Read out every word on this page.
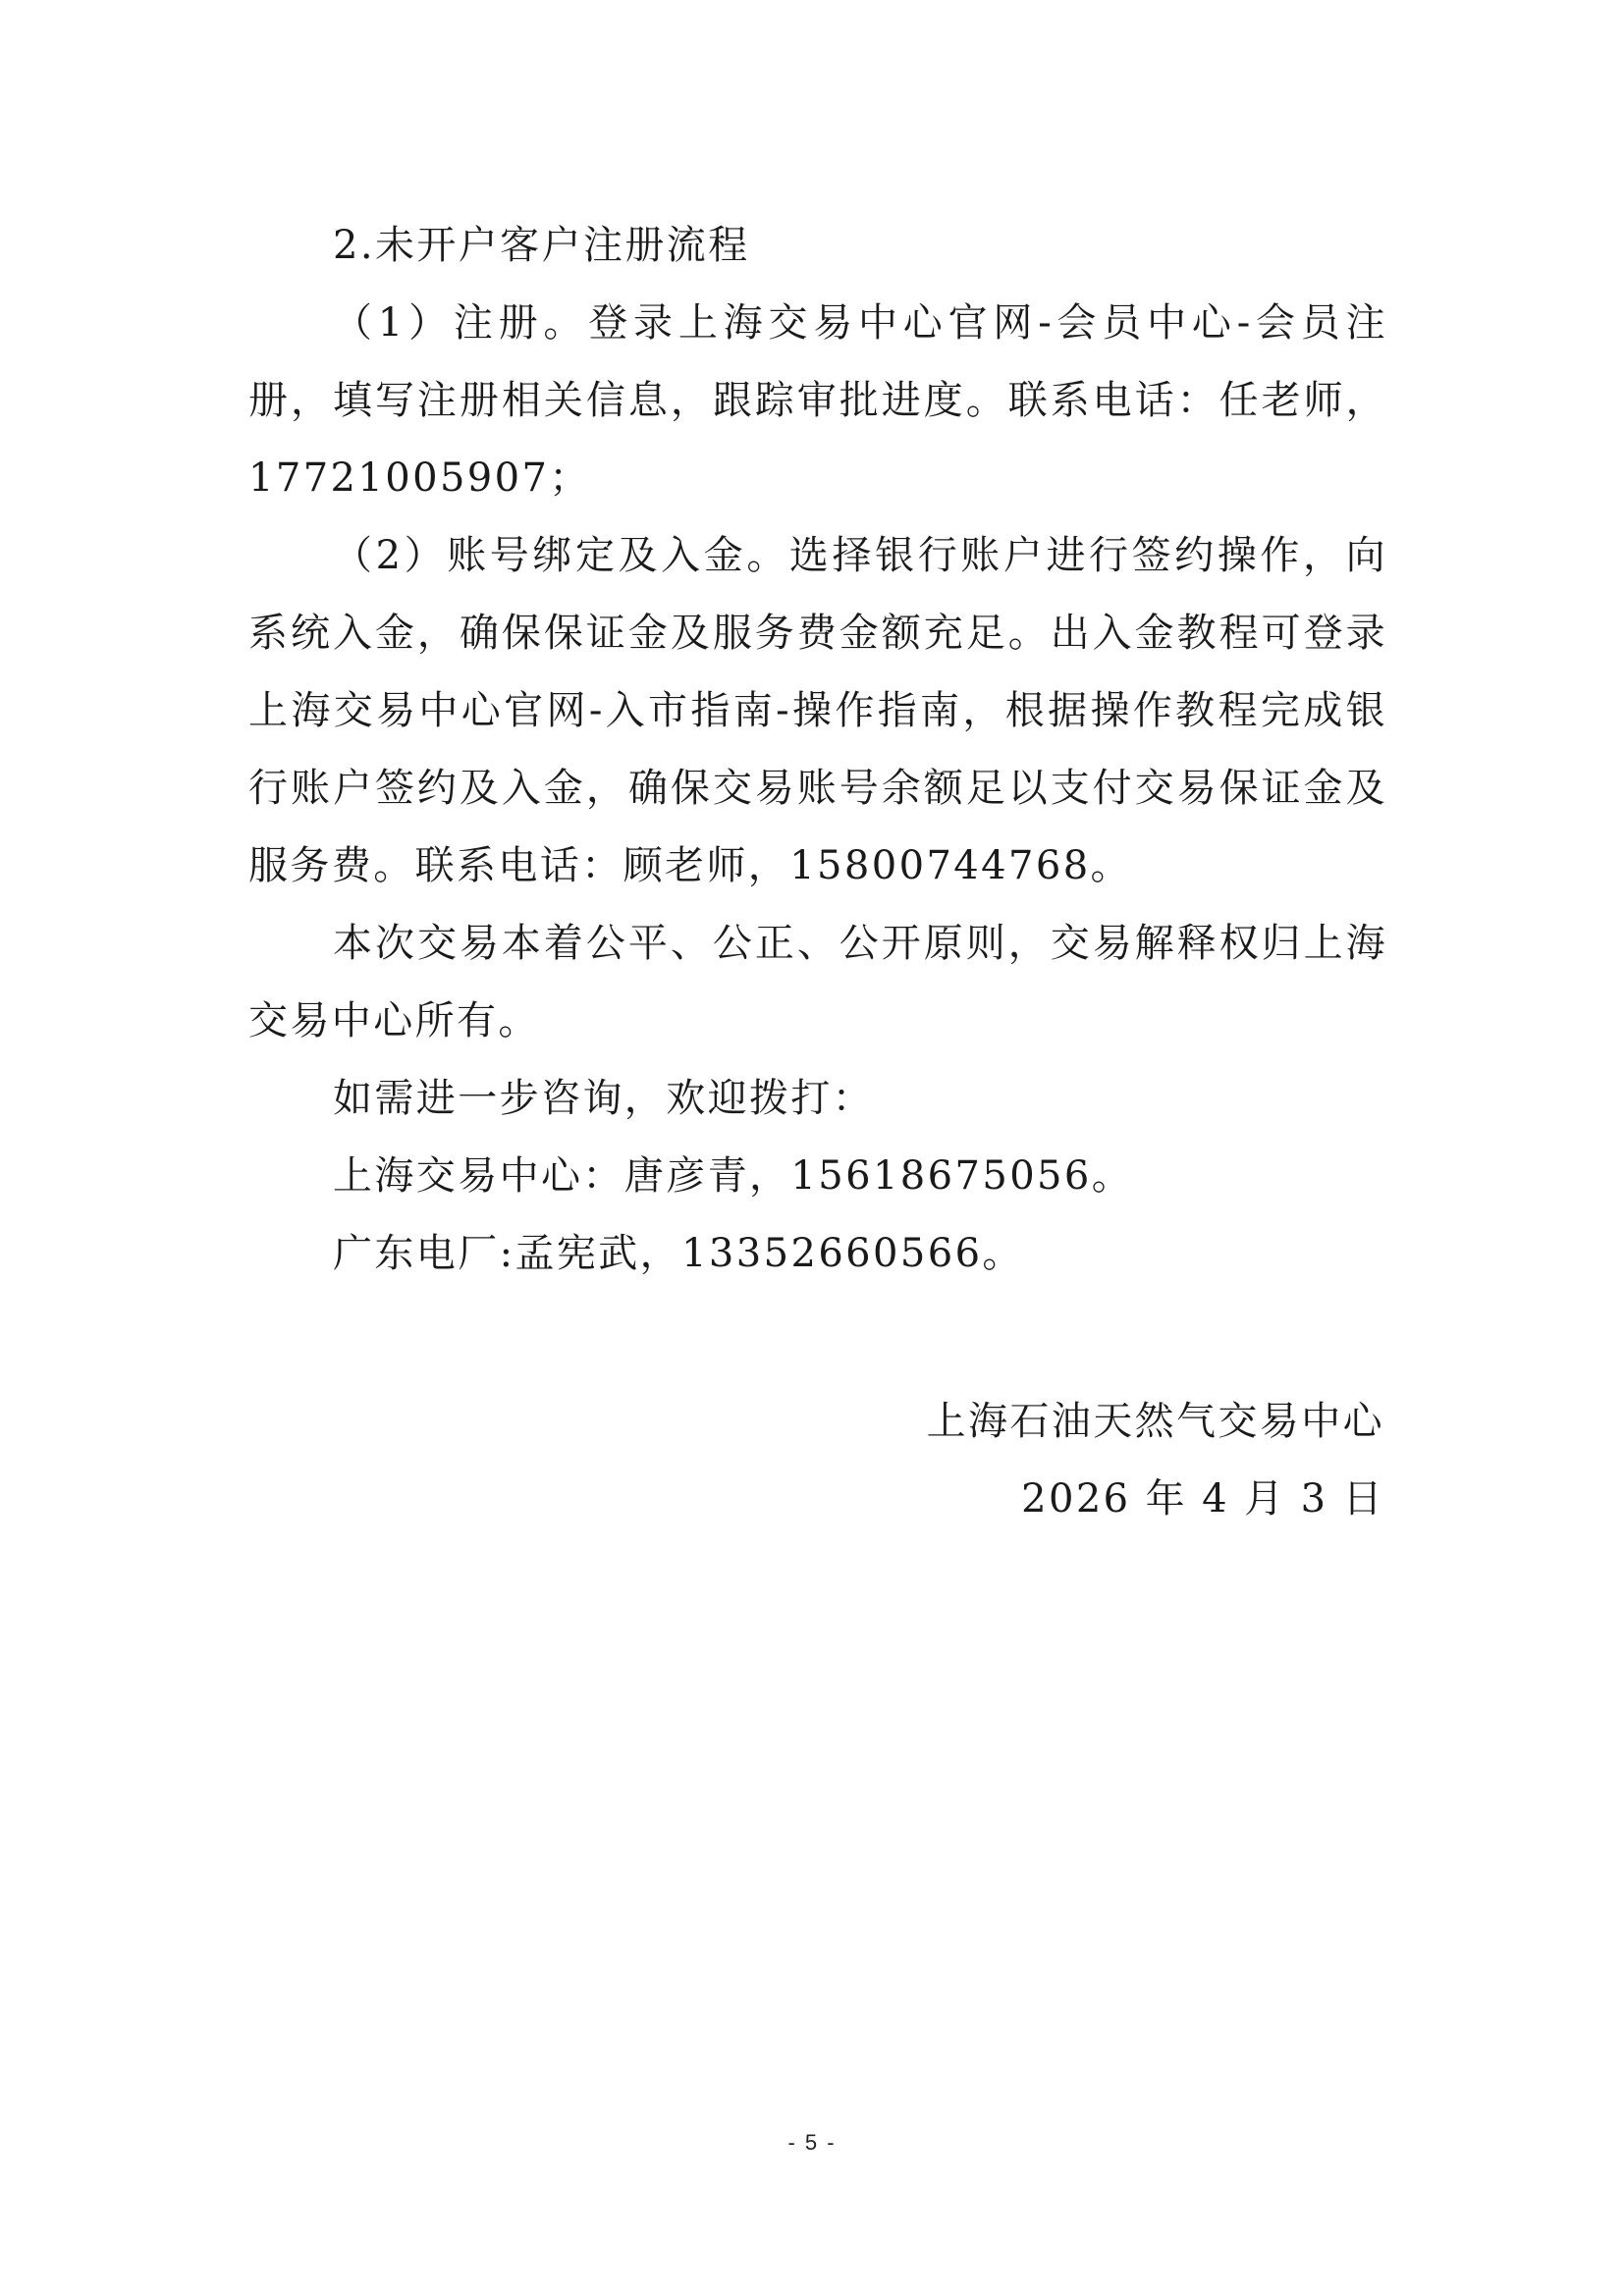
2.未开户客户注册流程

（1）注册。登录上海交易中心官网-会员中心-会员注册，填写注册相关信息，跟踪审批进度。联系电话：任老师，17721005907；

（2）账号绑定及入金。选择银行账户进行签约操作，向系统入金，确保保证金及服务费金额充足。出入金教程可登录上海交易中心官网-入市指南-操作指南，根据操作教程完成银行账户签约及入金，确保交易账号余额足以支付交易保证金及服务费。联系电话：顾老师，15800744768。

本次交易本着公平、公正、公开原则，交易解释权归上海交易中心所有。

如需进一步咨询，欢迎拨打：

上海交易中心：唐彦青，15618675056。

广东电厂:孟宪武，13352660566。

上海石油天然气交易中心

2026 年 4 月 3 日

- 5 -
